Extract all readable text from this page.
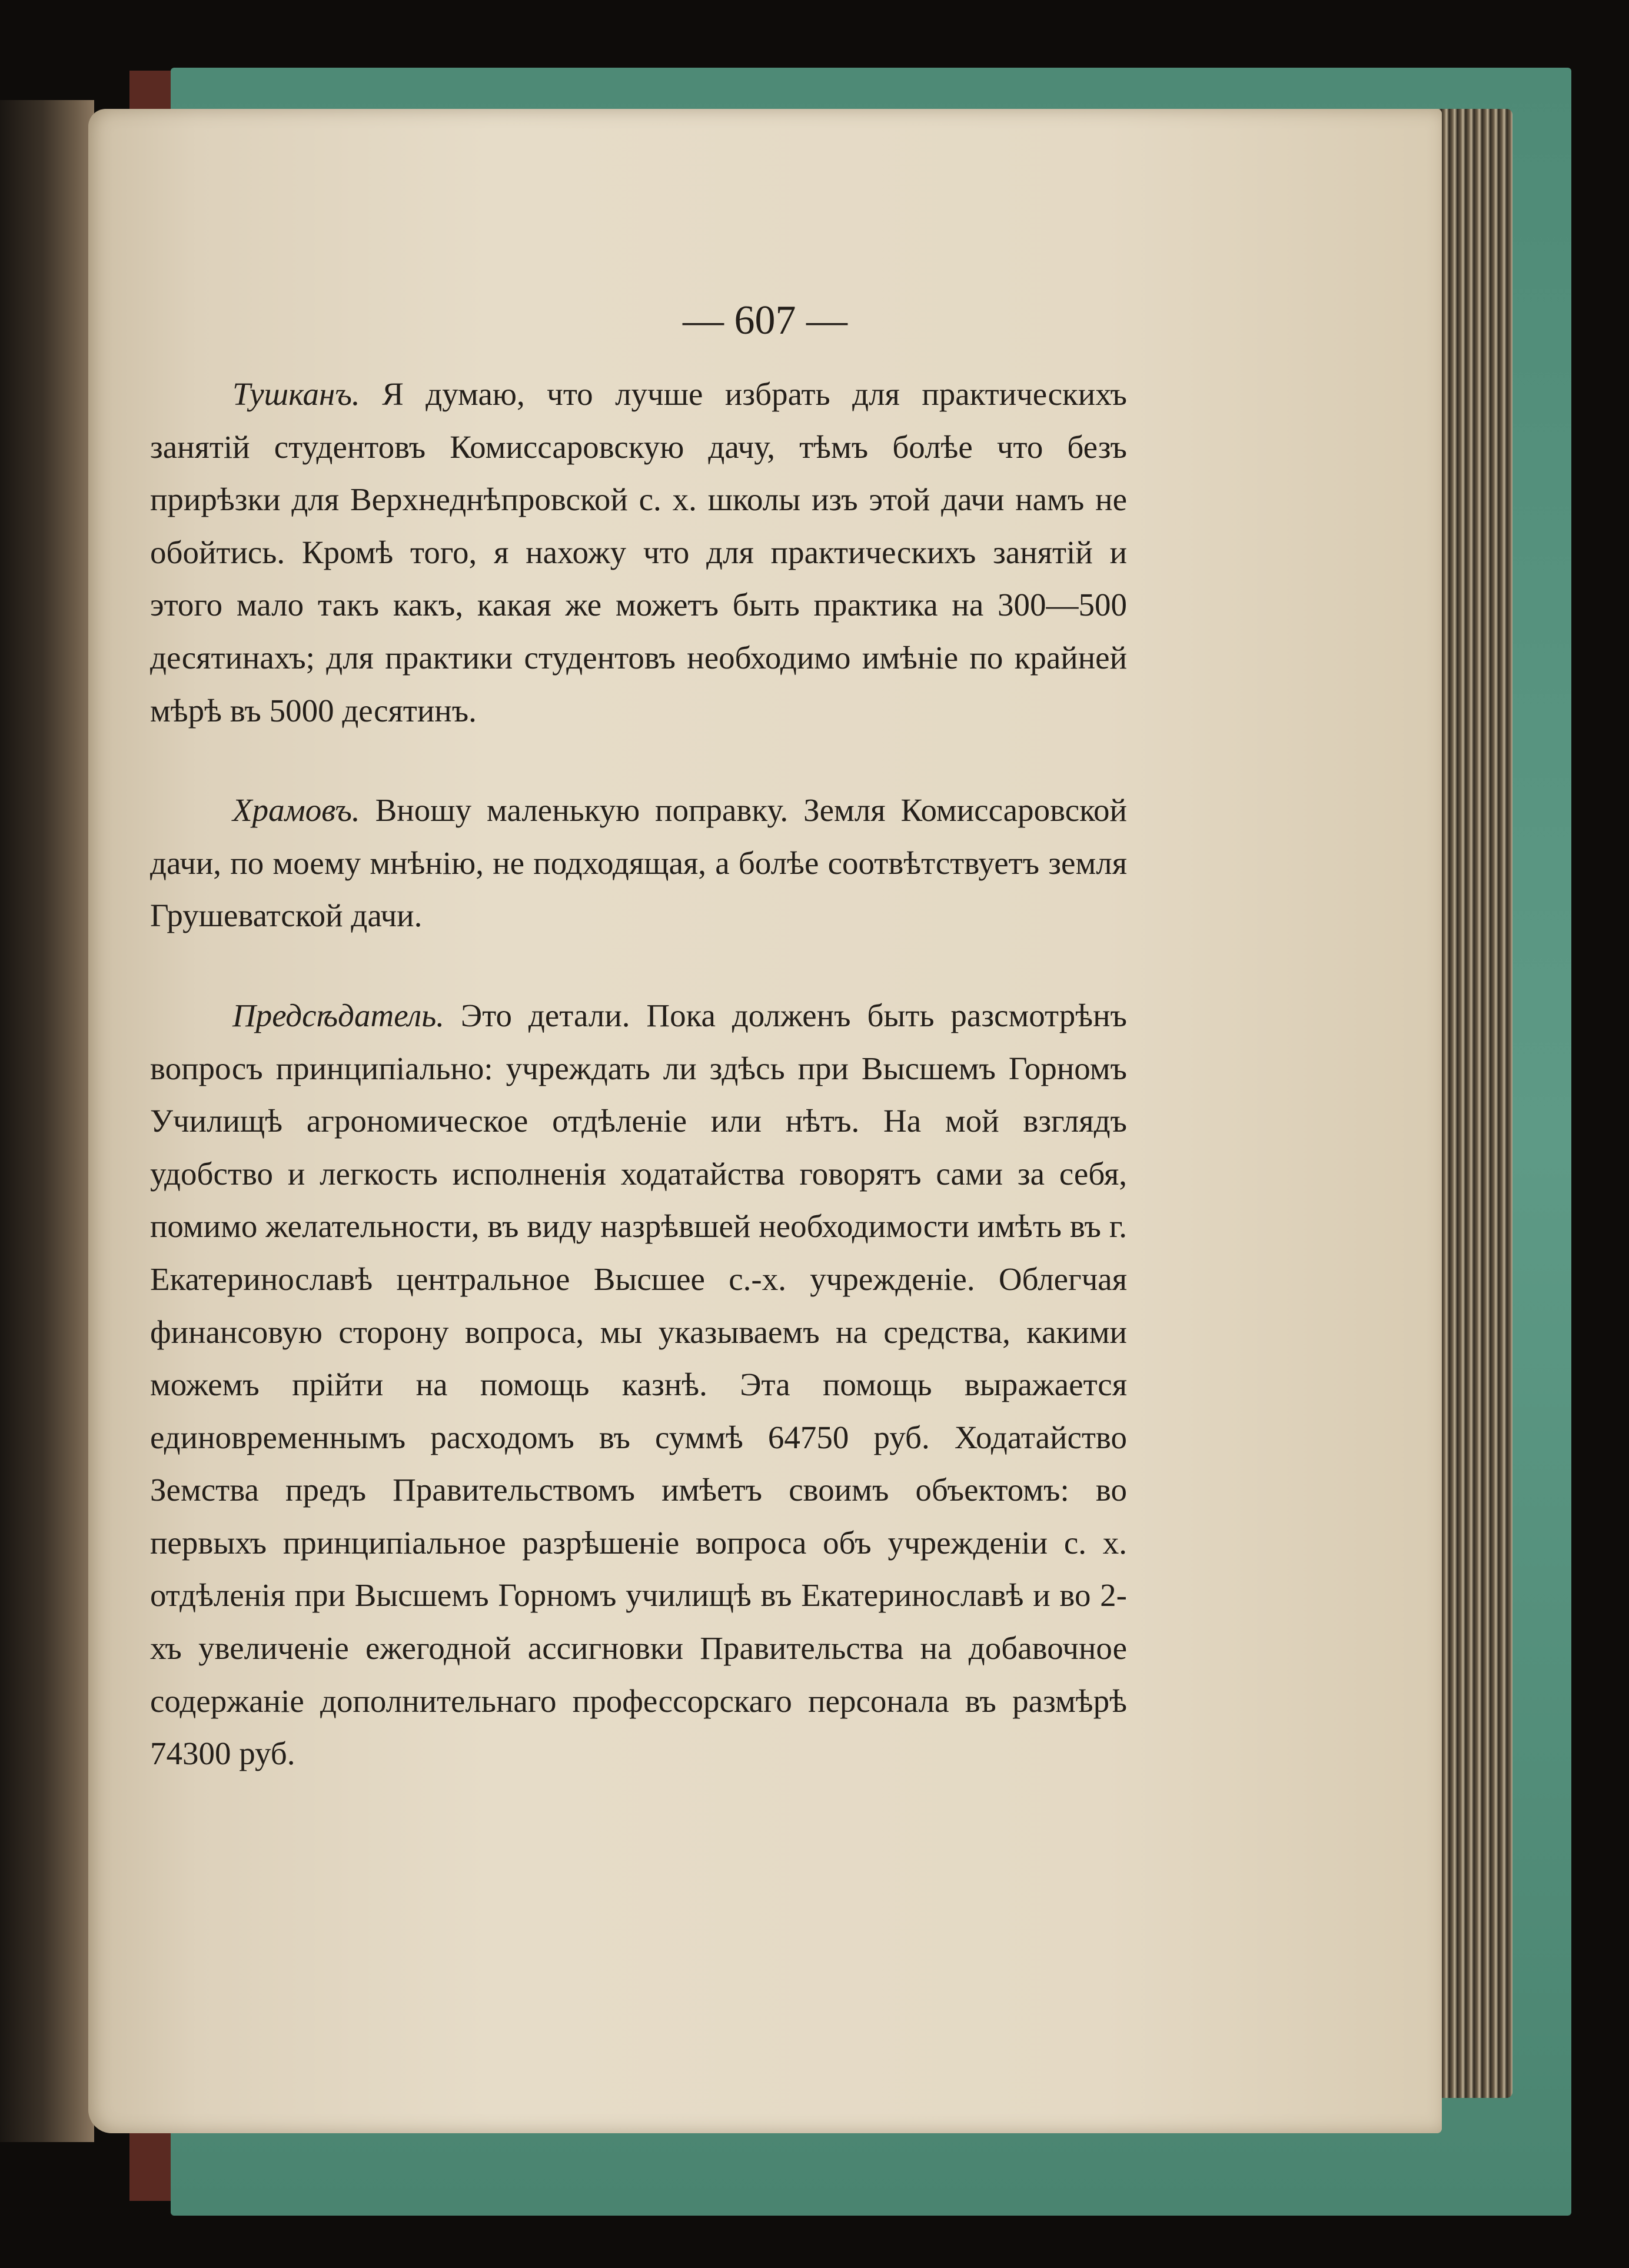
— 607 —

Тушканъ. Я думаю, что лучше избрать для практическихъ занятій студентовъ Комиссаровскую дачу, тѣмъ болѣе что безъ прирѣзки для Верхнеднѣпровской с. х. школы изъ этой дачи намъ не обойтись. Кромѣ того, я нахожу что для практическихъ занятій и этого мало такъ какъ, какая же можетъ быть практика на 300—500 десятинахъ; для практики студентовъ необходимо имѣніе по крайней мѣрѣ въ 5000 десятинъ.

Храмовъ. Вношу маленькую поправку. Земля Комиссаровской дачи, по моему мнѣнію, не подходящая, а болѣе соотвѣтствуетъ земля Грушеватской дачи.

Предсѣдатель. Это детали. Пока долженъ быть разсмотрѣнъ вопросъ принципіально: учреждать ли здѣсь при Высшемъ Горномъ Училищѣ агрономическое отдѣленіе или нѣтъ. На мой взглядъ удобство и легкость исполненія ходатайства говорятъ сами за себя, помимо желательности, въ виду назрѣвшей необходимости имѣть въ г. Екатеринославѣ центральное Высшее с.-х. учрежденіе. Облегчая финансовую сторону вопроса, мы указываемъ на средства, какими можемъ прійти на помощь казнѣ. Эта помощь выражается единовременнымъ расходомъ въ суммѣ 64750 руб. Ходатайство Земства предъ Правительствомъ имѣетъ своимъ объектомъ: во первыхъ принципіальное разрѣшеніе вопроса объ учрежденіи с. х. отдѣленія при Высшемъ Горномъ училищѣ въ Екатеринославѣ и во 2-хъ увеличеніе ежегодной ассигновки Правительства на добавочное содержаніе дополнительнаго профессорскаго персонала въ размѣрѣ 74300 руб.
